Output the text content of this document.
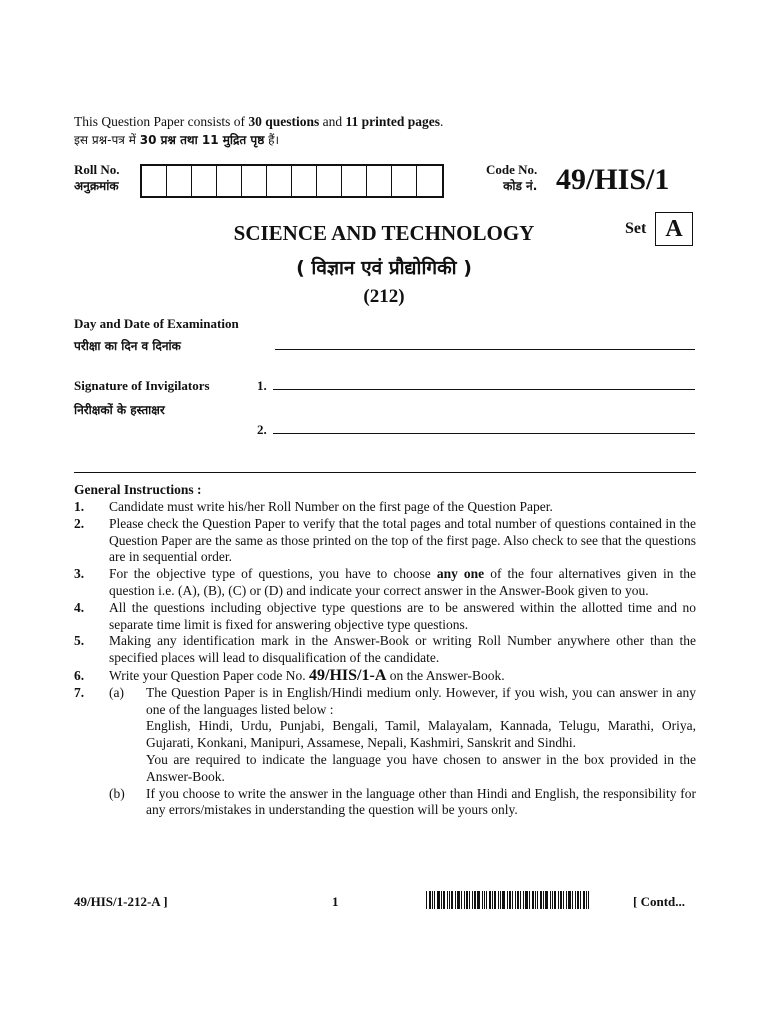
This Question Paper consists of 30 questions and 11 printed pages.
इस प्रश्न-पत्र में 30 प्रश्न तथा 11 मुद्रित पृष्ठ हैं।
Roll No.
अनुक्रमांक
Code No.
कोड नं. 49/HIS/1
SCIENCE AND TECHNOLOGY
( विज्ञान एवं प्रौद्योगिकी )
(212)
Set A
Day and Date of Examination
परीक्षा का दिन व दिनांक
Signature of Invigilators
निरीक्षकों के हस्ताक्षर
1.
2.
General Instructions :
1.	Candidate must write his/her Roll Number on the first page of the Question Paper.
2.	Please check the Question Paper to verify that the total pages and total number of questions contained in the Question Paper are the same as those printed on the top of the first page. Also check to see that the questions are in sequential order.
3.	For the objective type of questions, you have to choose any one of the four alternatives given in the question i.e. (A), (B), (C) or (D) and indicate your correct answer in the Answer-Book given to you.
4.	All the questions including objective type questions are to be answered within the allotted time and no separate time limit is fixed for answering objective type questions.
5.	Making any identification mark in the Answer-Book or writing Roll Number anywhere other than the specified places will lead to disqualification of the candidate.
6.	Write your Question Paper code No. 49/HIS/1-A on the Answer-Book.
7.	(a)	The Question Paper is in English/Hindi medium only. However, if you wish, you can answer in any one of the languages listed below :
English, Hindi, Urdu, Punjabi, Bengali, Tamil, Malayalam, Kannada, Telugu, Marathi, Oriya, Gujarati, Konkani, Manipuri, Assamese, Nepali, Kashmiri, Sanskrit and Sindhi.
You are required to indicate the language you have chosen to answer in the box provided in the Answer-Book.
(b)	If you choose to write the answer in the language other than Hindi and English, the responsibility for any errors/mistakes in understanding the question will be yours only.
49/HIS/1-212-A ]	1	[ Contd...
